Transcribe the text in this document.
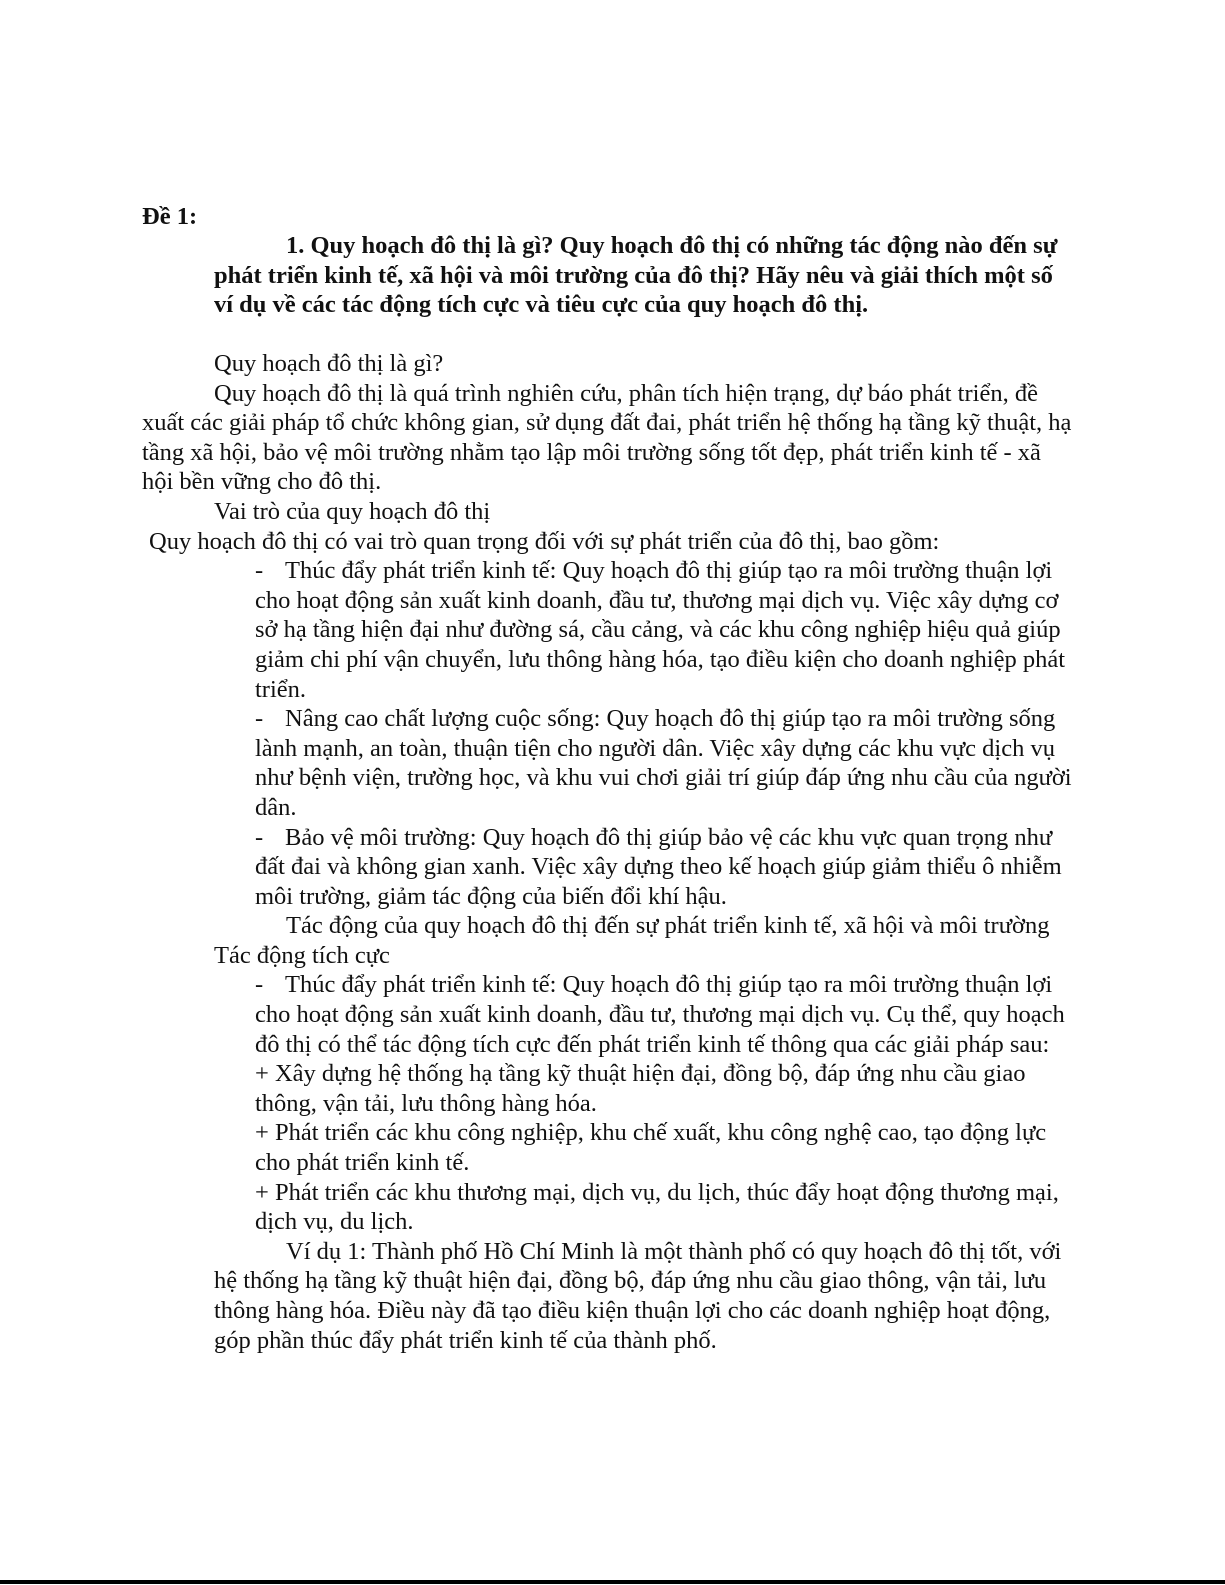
Đề 1:

1. Quy hoạch đô thị là gì? Quy hoạch đô thị có những tác động nào đến sự phát triển kinh tế, xã hội và môi trường của đô thị? Hãy nêu và giải thích một số ví dụ về các tác động tích cực và tiêu cực của quy hoạch đô thị.

Quy hoạch đô thị là gì?

Quy hoạch đô thị là quá trình nghiên cứu, phân tích hiện trạng, dự báo phát triển, đề xuất các giải pháp tổ chức không gian, sử dụng đất đai, phát triển hệ thống hạ tầng kỹ thuật, hạ tầng xã hội, bảo vệ môi trường nhằm tạo lập môi trường sống tốt đẹp, phát triển kinh tế - xã hội bền vững cho đô thị.

Vai trò của quy hoạch đô thị

Quy hoạch đô thị có vai trò quan trọng đối với sự phát triển của đô thị, bao gồm:

- Thúc đẩy phát triển kinh tế: Quy hoạch đô thị giúp tạo ra môi trường thuận lợi cho hoạt động sản xuất kinh doanh, đầu tư, thương mại dịch vụ. Việc xây dựng cơ sở hạ tầng hiện đại như đường sá, cầu cảng, và các khu công nghiệp hiệu quả giúp giảm chi phí vận chuyển, lưu thông hàng hóa, tạo điều kiện cho doanh nghiệp phát triển.
- Nâng cao chất lượng cuộc sống: Quy hoạch đô thị giúp tạo ra môi trường sống lành mạnh, an toàn, thuận tiện cho người dân. Việc xây dựng các khu vực dịch vụ như bệnh viện, trường học, và khu vui chơi giải trí giúp đáp ứng nhu cầu của người dân.
- Bảo vệ môi trường: Quy hoạch đô thị giúp bảo vệ các khu vực quan trọng như đất đai và không gian xanh. Việc xây dựng theo kế hoạch giúp giảm thiểu ô nhiễm môi trường, giảm tác động của biến đổi khí hậu.

Tác động của quy hoạch đô thị đến sự phát triển kinh tế, xã hội và môi trường

Tác động tích cực

- Thúc đẩy phát triển kinh tế: Quy hoạch đô thị giúp tạo ra môi trường thuận lợi cho hoạt động sản xuất kinh doanh, đầu tư, thương mại dịch vụ. Cụ thể, quy hoạch đô thị có thể tác động tích cực đến phát triển kinh tế thông qua các giải pháp sau:

+ Xây dựng hệ thống hạ tầng kỹ thuật hiện đại, đồng bộ, đáp ứng nhu cầu giao thông, vận tải, lưu thông hàng hóa.

+ Phát triển các khu công nghiệp, khu chế xuất, khu công nghệ cao, tạo động lực cho phát triển kinh tế.

+ Phát triển các khu thương mại, dịch vụ, du lịch, thúc đẩy hoạt động thương mại, dịch vụ, du lịch.

Ví dụ 1: Thành phố Hồ Chí Minh là một thành phố có quy hoạch đô thị tốt, với hệ thống hạ tầng kỹ thuật hiện đại, đồng bộ, đáp ứng nhu cầu giao thông, vận tải, lưu thông hàng hóa. Điều này đã tạo điều kiện thuận lợi cho các doanh nghiệp hoạt động, góp phần thúc đẩy phát triển kinh tế của thành phố.
